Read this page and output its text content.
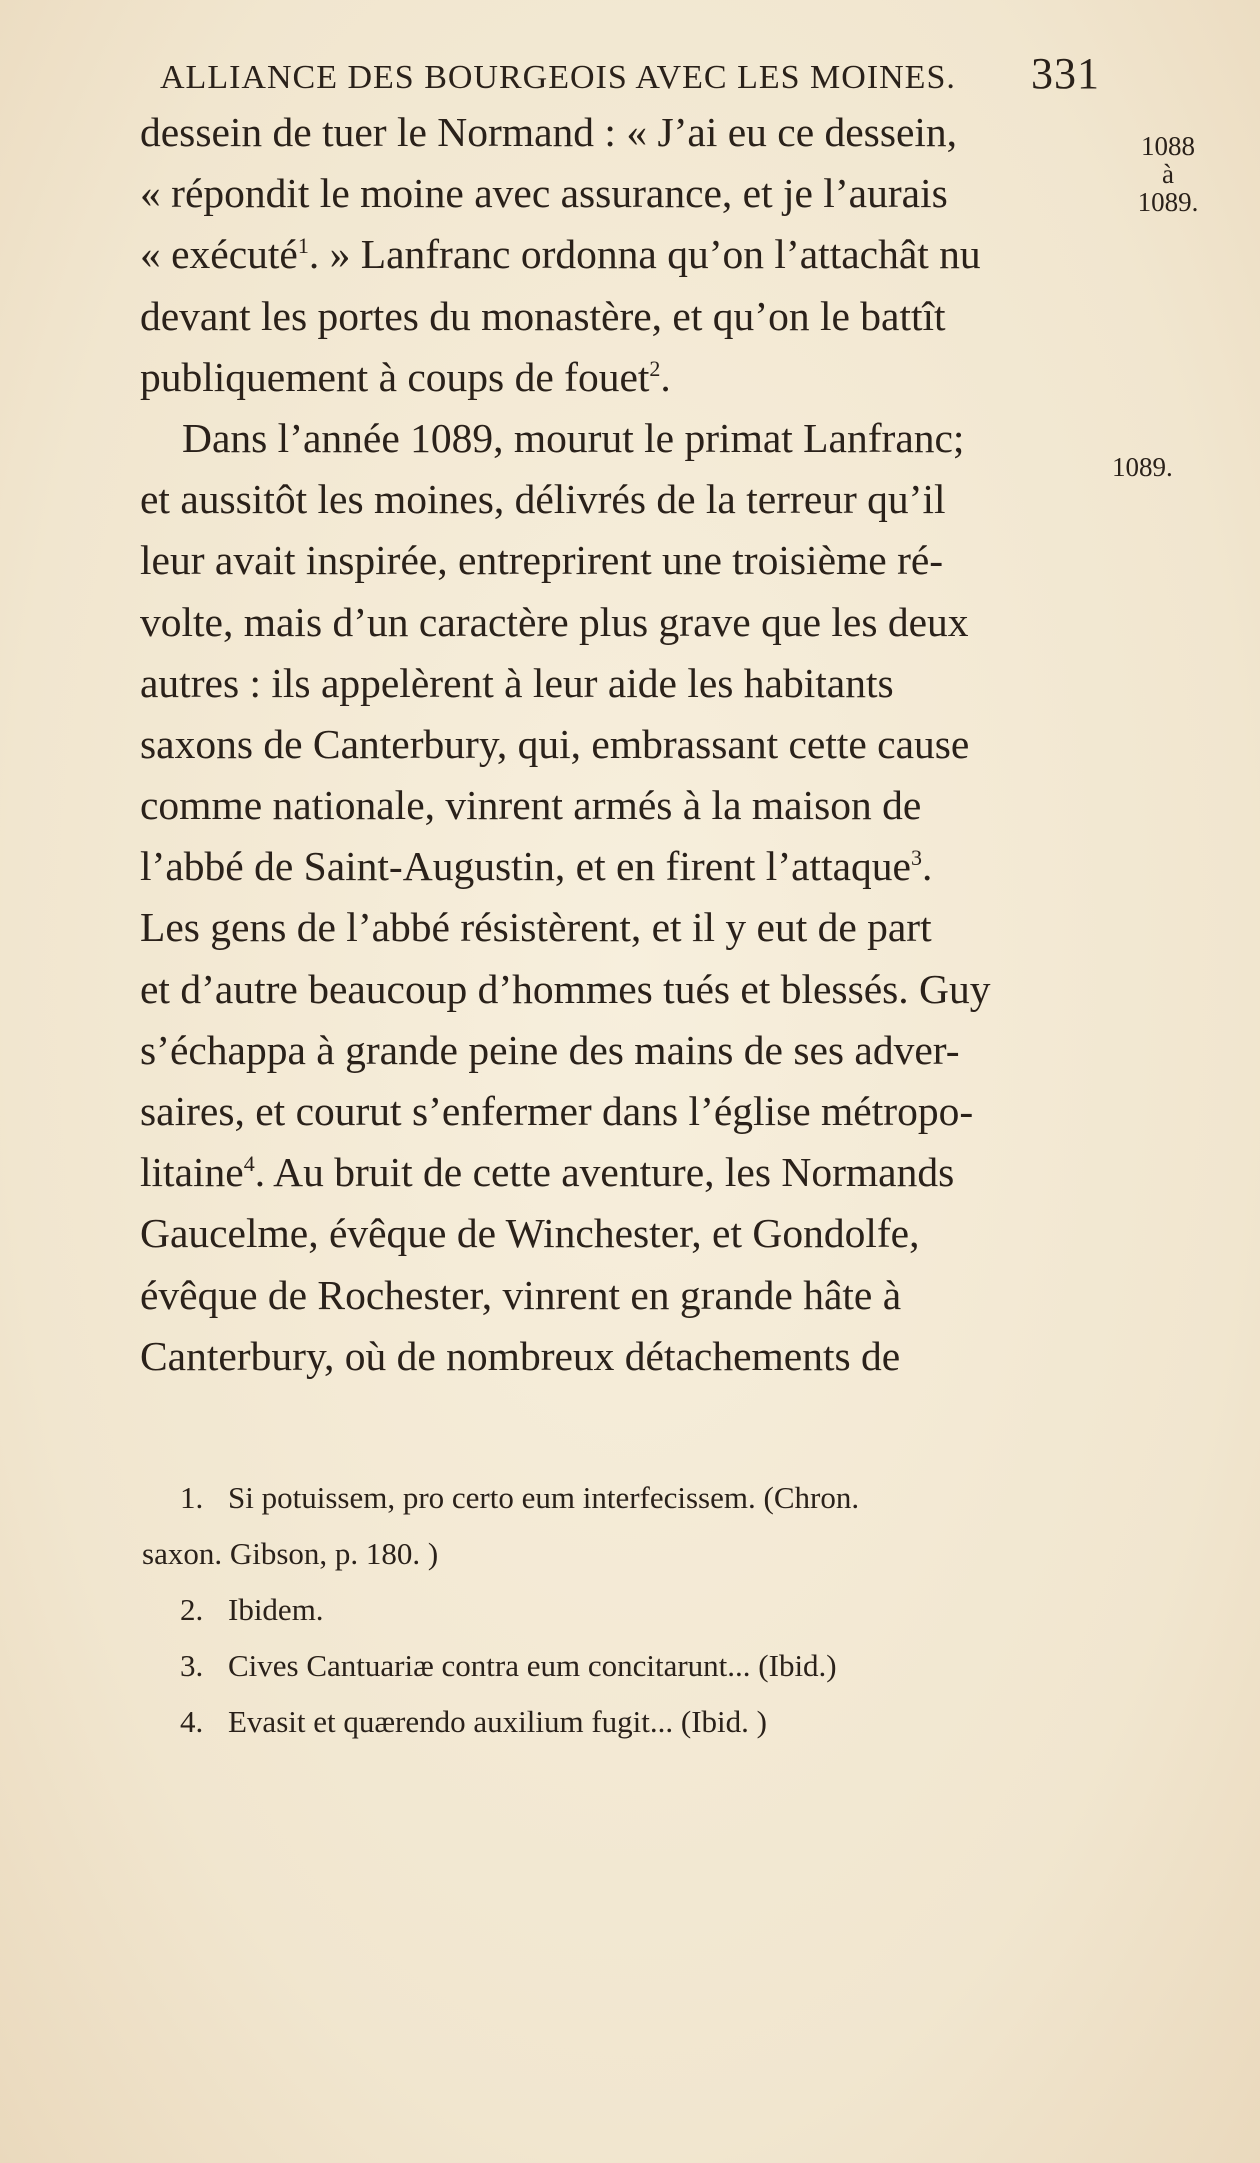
ALLIANCE DES BOURGEOIS AVEC LES MOINES. 331
1088
à
1089.
1089.
dessein de tuer le Normand : « J’ai eu ce dessein,
« répondit le moine avec assurance, et je l’aurais
« exécuté$^1$. » Lanfranc ordonna qu’on l’attachât nu
devant les portes du monastère, et qu’on le battît
publiquement à coups de fouet$^2$.
Dans l’année 1089, mourut le primat Lanfranc;
et aussitôt les moines, délivrés de la terreur qu’il
leur avait inspirée, entreprirent une troisième ré-
volte, mais d’un caractère plus grave que les deux
autres : ils appelèrent à leur aide les habitants
saxons de Canterbury, qui, embrassant cette cause
comme nationale, vinrent armés à la maison de
l’abbé de Saint-Augustin, et en firent l’attaque$^3$.
Les gens de l’abbé résistèrent, et il y eut de part
et d’autre beaucoup d’hommes tués et blessés. Guy
s’échappa à grande peine des mains de ses adver-
saires, et courut s’enfermer dans l’église métropo-
litaine$^4$. Au bruit de cette aventure, les Normands
Gaucelme, évêque de Winchester, et Gondolfe,
évêque de Rochester, vinrent en grande hâte à
Canterbury, où de nombreux détachements de
1. Si potuissem, pro certo eum interfecissem. (Chron.
saxon. Gibson, p. 180. )
2. Ibidem.
3. Cives Cantuariæ contra eum concitarunt... (Ibid.)
4. Evasit et quærendo auxilium fugit... (Ibid. )
